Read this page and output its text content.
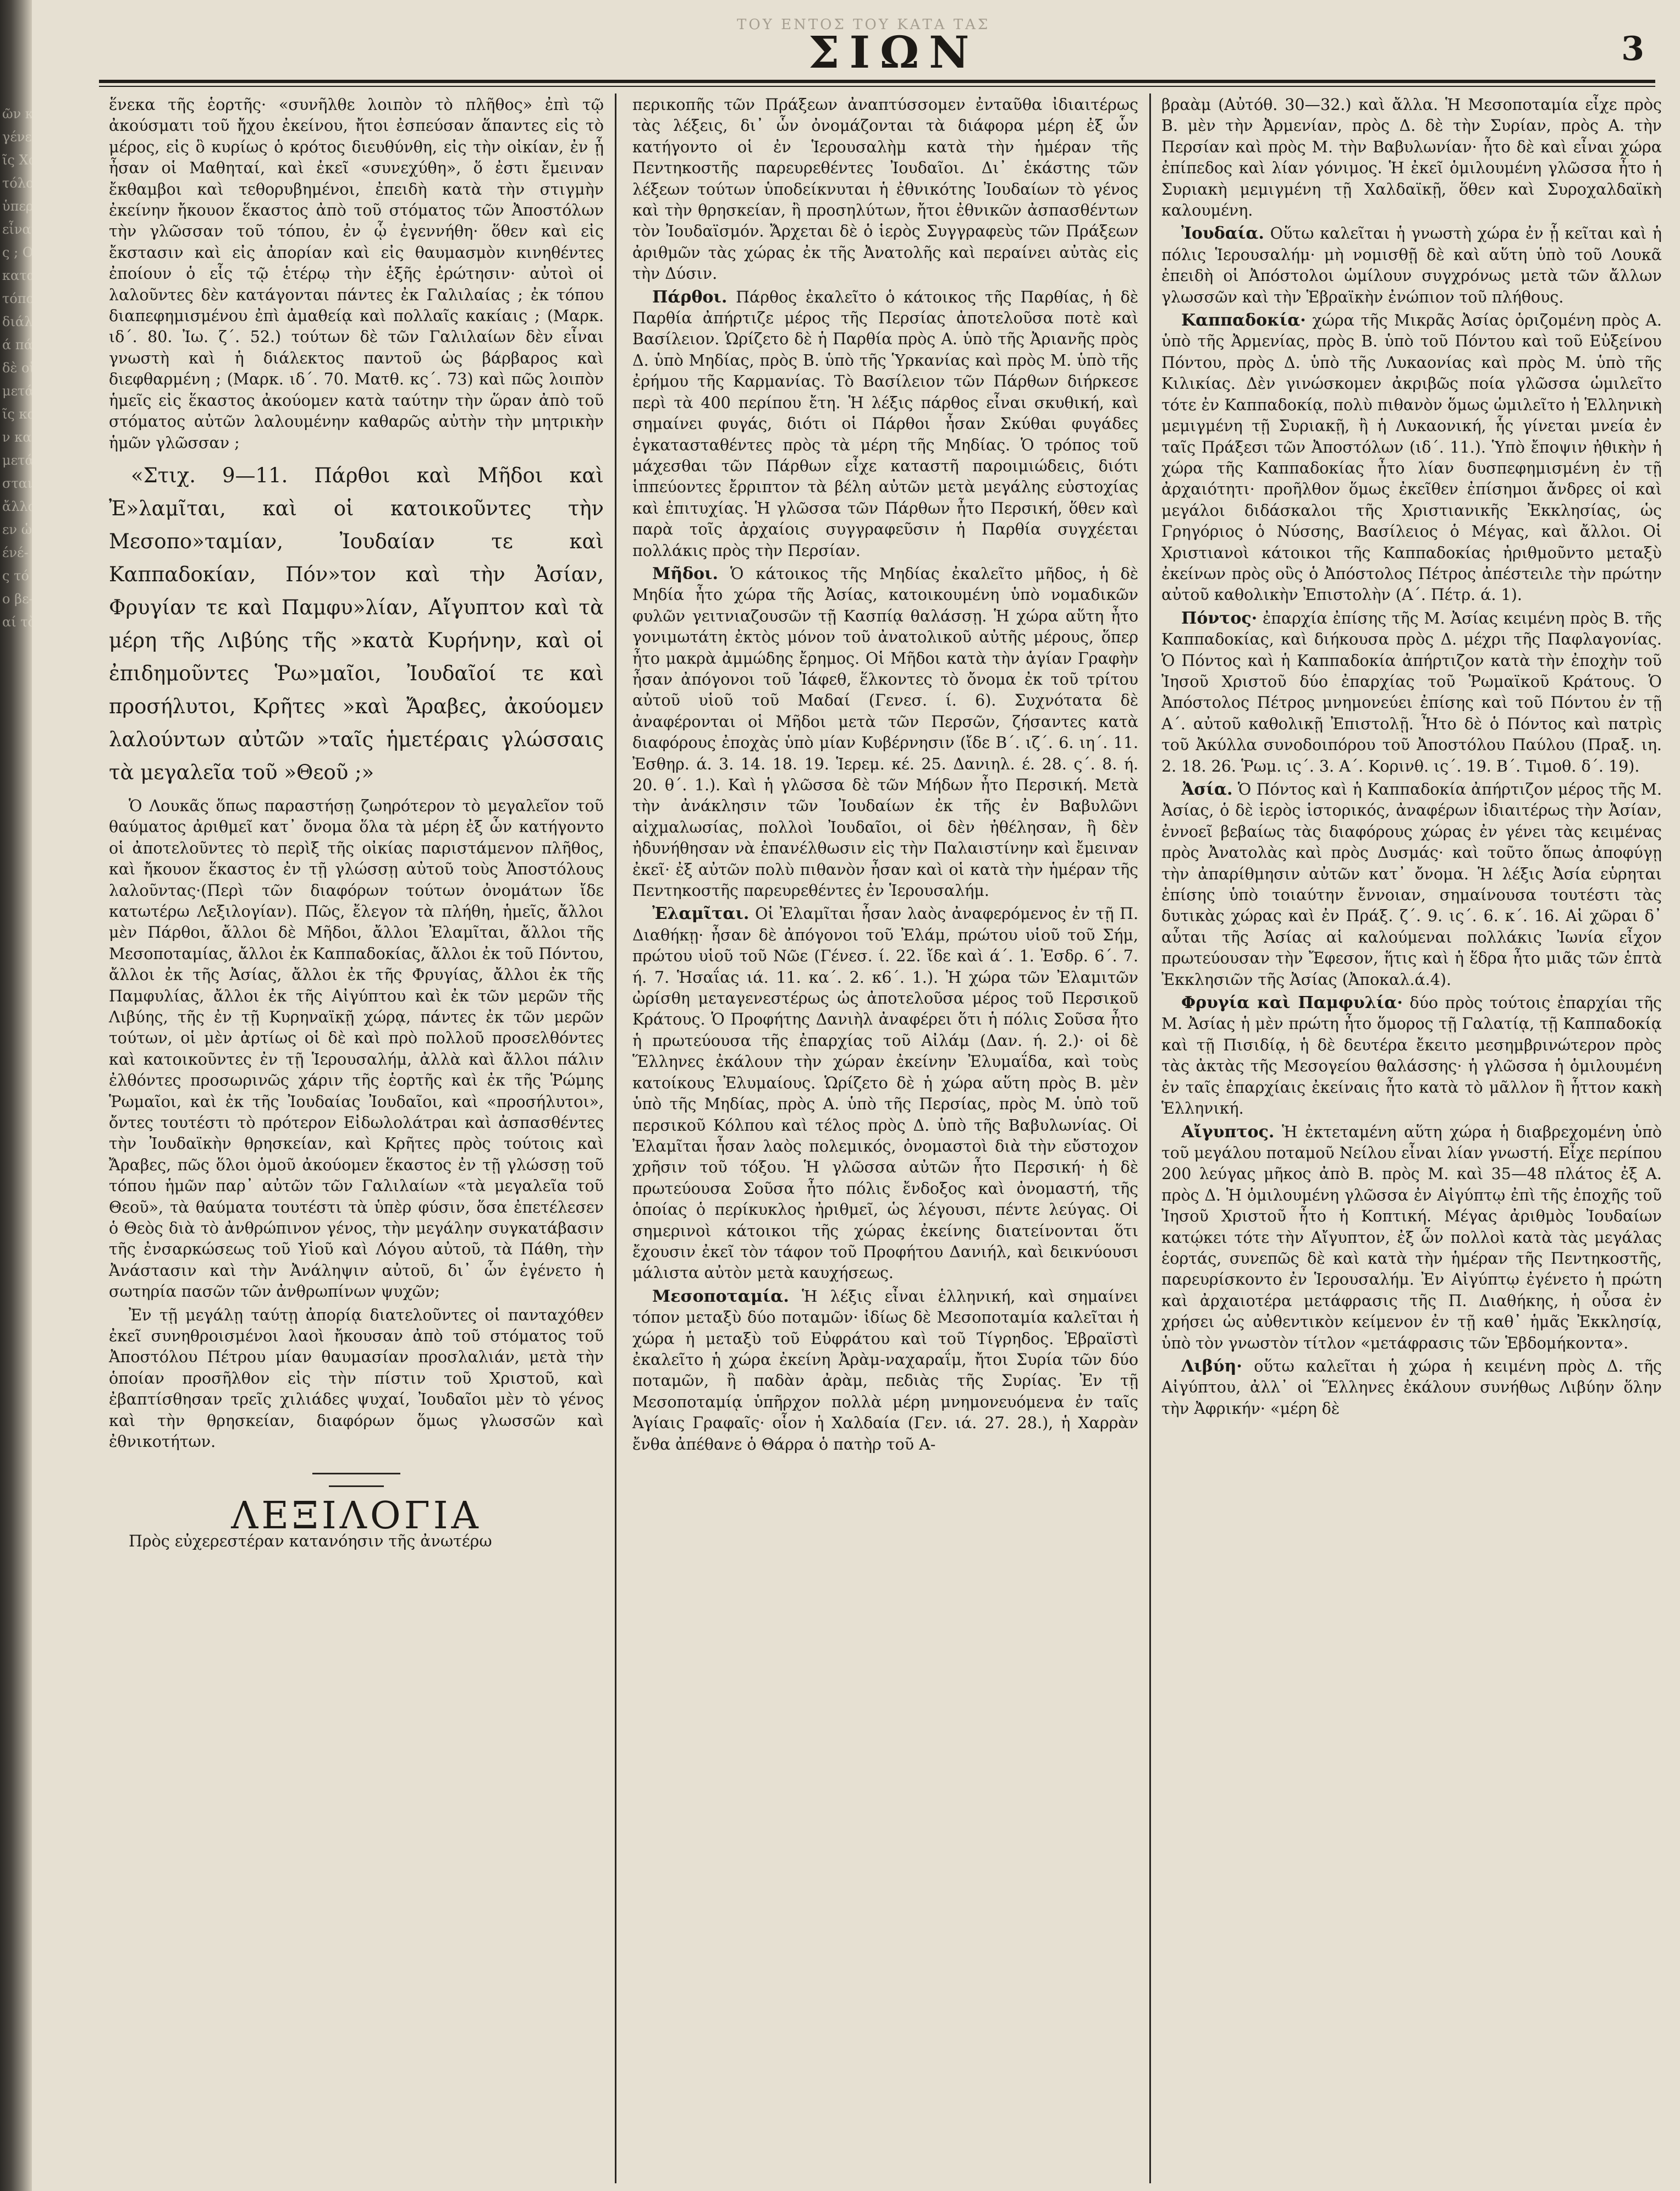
ῶν καὶ
γένετο
ῖς Χα-
τόλοι,
ὑπερ-
εἶναι
ς ; Οἱ
κατα-
τόπου
διάλε-
ά πά-
δὲ οἱ
μετά
ῖς κα-
ν καὶ
μετά
σταν-
ἄλλας
εν ὡ-
ένέ-
ς τό
ο βε-
αί τὸ
ΤΟΥ ΕΝΤΟΣ ΤΟΥ ΚΑΤΑ ΤΑΣ
ΣΙΩΝ	3

ἕνεκα τῆς ἑορτῆς· «συνῆλθε λοιπὸν τὸ πλῆθος» ἐπὶ τῷ ἀκούσματι τοῦ ἤχου ἐκείνου, ἤτοι ἐσπεύσαν ἅπαντες εἰς τὸ μέρος, εἰς ὃ κυρίως ὁ κρότος διευθύνθη, εἰς τὴν οἰκίαν, ἐν ᾗ ἦσαν οἱ Μαθηταί, καὶ ἐκεῖ «συνεχύθη», ὅ ἐστι ἔμειναν ἔκθαμβοι καὶ τεθορυβημένοι, ἐπειδὴ κατὰ τὴν στιγμὴν ἐκείνην ἤκουον ἕκαστος ἀπὸ τοῦ στόματος τῶν Ἀποστόλων τὴν γλῶσσαν τοῦ τόπου, ἐν ᾧ ἐγεννήθη· ὅθεν καὶ εἰς ἔκστασιν καὶ εἰς ἀπορίαν καὶ εἰς θαυμασμὸν κινηθέντες ἐποίουν ὁ εἷς τῷ ἑτέρῳ τὴν ἑξῆς ἐρώτησιν· αὐτοὶ οἱ λαλοῦντες δὲν κατάγονται πάντες ἐκ Γαλιλαίας ; ἐκ τόπου διαπεφημισμένου ἐπὶ ἀμαθείᾳ καὶ πολλαῖς κακίαις ; (Μαρκ. ιδ΄. 80. Ἰω. ζ΄. 52.) τούτων δὲ τῶν Γαλιλαίων δὲν εἶναι γνωστὴ καὶ ἡ διάλεκτος παντοῦ ὡς βάρβαρος καὶ διεφθαρμένη ; (Μαρκ. ιδ΄. 70. Ματθ. κς΄. 73) καὶ πῶς λοιπὸν ἡμεῖς εἰς ἕκαστος ἀκούομεν κατὰ ταύτην τὴν ὥραν ἀπὸ τοῦ στόματος αὐτῶν λαλουμένην καθαρῶς αὐτὴν τὴν μητρικὴν ἡμῶν γλῶσσαν ;

«Στιχ. 9—11. Πάρθοι καὶ Μῆδοι καὶ Ἐ»λαμῖται, καὶ οἱ κατοικοῦντες τὴν Μεσοπο»ταμίαν, Ἰουδαίαν τε καὶ Καππαδοκίαν, Πόν»τον καὶ τὴν Ἀσίαν, Φρυγίαν τε καὶ Παμφυ»λίαν, Αἴγυπτον καὶ τὰ μέρη τῆς Λιβύης τῆς »κατὰ Κυρήνην, καὶ οἱ ἐπιδημοῦντες Ῥω»μαῖοι, Ἰουδαῖοί τε καὶ προσήλυτοι, Κρῆτες »καὶ Ἄραβες, ἀκούομεν λαλούντων αὐτῶν »ταῖς ἡμετέραις γλώσσαις τὰ μεγαλεῖα τοῦ »Θεοῦ ;»

Ὁ Λουκᾶς ὅπως παραστήσῃ ζωηρότερον τὸ μεγαλεῖον τοῦ θαύματος ἀριθμεῖ κατ᾽ ὄνομα ὅλα τὰ μέρη ἐξ ὧν κατήγοντο οἱ ἀποτελοῦντες τὸ περὶξ τῆς οἰκίας παριστάμενον πλῆθος, καὶ ἤκουον ἕκαστος ἐν τῇ γλώσσῃ αὐτοῦ τοὺς Ἀποστόλους λαλοῦντας·(Περὶ τῶν διαφόρων τούτων ὀνομάτων ἴδε κατωτέρω Λεξιλογίαν). Πῶς, ἔλεγον τὰ πλήθη, ἡμεῖς, ἄλλοι μὲν Πάρθοι, ἄλλοι δὲ Μῆδοι, ἄλλοι Ἐλαμῖται, ἄλλοι τῆς Μεσοποταμίας, ἄλλοι ἐκ Καππαδοκίας, ἄλλοι ἐκ τοῦ Πόντου, ἄλλοι ἐκ τῆς Ἀσίας, ἄλλοι ἐκ τῆς Φρυγίας, ἄλλοι ἐκ τῆς Παμφυλίας, ἄλλοι ἐκ τῆς Αἰγύπτου καὶ ἐκ τῶν μερῶν τῆς Λιβύης, τῆς ἐν τῇ Κυρηναϊκῇ χώρᾳ, πάντες ἐκ τῶν μερῶν τούτων, οἱ μὲν ἀρτίως οἱ δὲ καὶ πρὸ πολλοῦ προσελθόντες καὶ κατοικοῦντες ἐν τῇ Ἱερουσαλήμ, ἀλλὰ καὶ ἄλλοι πάλιν ἐλθόντες προσωρινῶς χάριν τῆς ἑορτῆς καὶ ἐκ τῆς Ῥώμης Ῥωμαῖοι, καὶ ἐκ τῆς Ἰουδαίας Ἰουδαῖοι, καὶ «προσήλυτοι», ὄντες τουτέστι τὸ πρότερον Εἰδωλολάτραι καὶ ἀσπασθέντες τὴν Ἰουδαϊκὴν θρησκείαν, καὶ Κρῆτες πρὸς τούτοις καὶ Ἄραβες, πῶς ὅλοι ὁμοῦ ἀκούομεν ἕκαστος ἐν τῇ γλώσσῃ τοῦ τόπου ἡμῶν παρ᾽ αὐτῶν τῶν Γαλιλαίων «τὰ μεγαλεῖα τοῦ Θεοῦ», τὰ θαύματα τουτέστι τὰ ὑπὲρ φύσιν, ὅσα ἐπετέλεσεν ὁ Θεὸς διὰ τὸ ἀνθρώπινον γένος, τὴν μεγάλην συγκατάβασιν τῆς ἐνσαρκώσεως τοῦ Υἱοῦ καὶ Λόγου αὐτοῦ, τὰ Πάθη, τὴν Ἀνάστασιν καὶ τὴν Ἀνάληψιν αὐτοῦ, δι᾽ ὧν ἐγένετο ἡ σωτηρία πασῶν τῶν ἀνθρωπίνων ψυχῶν;

Ἐν τῇ μεγάλῃ ταύτῃ ἀπορίᾳ διατελοῦντες οἱ πανταχόθεν ἐκεῖ συνηθροισμένοι λαοὶ ἤκουσαν ἀπὸ τοῦ στόματος τοῦ Ἀποστόλου Πέτρου μίαν θαυμασίαν προσλαλιάν, μετὰ τὴν ὁποίαν προσῆλθον εἰς τὴν πίστιν τοῦ Χριστοῦ, καὶ ἐβαπτίσθησαν τρεῖς χιλιάδες ψυχαί, Ἰουδαῖοι μὲν τὸ γένος καὶ τὴν θρησκείαν, διαφόρων ὅμως γλωσσῶν καὶ ἐθνικοτήτων.

ΛΕΞΙΛΟΓΙΑ

Πρὸς εὐχερεστέραν κατανόησιν τῆς ἀνωτέρω

περικοπῆς τῶν Πράξεων ἀναπτύσσομεν ἐνταῦθα ἰδιαιτέρως τὰς λέξεις, δι᾽ ὧν ὀνομάζονται τὰ διάφορα μέρη ἐξ ὧν κατήγοντο οἱ ἐν Ἱερουσαλὴμ κατὰ τὴν ἡμέραν τῆς Πεντηκοστῆς παρευρεθέντες Ἰουδαῖοι. Δι᾽ ἑκάστης τῶν λέξεων τούτων ὑποδείκνυται ἡ ἐθνικότης Ἰουδαίων τὸ γένος καὶ τὴν θρησκείαν, ἢ προσηλύτων, ἤτοι ἐθνικῶν ἀσπασθέντων τὸν Ἰουδαϊσμόν. Ἄρχεται δὲ ὁ ἱερὸς Συγγραφεὺς τῶν Πράξεων ἀριθμῶν τὰς χώρας ἐκ τῆς Ἀνατολῆς καὶ περαίνει αὐτὰς εἰς τὴν Δύσιν.

Πάρθοι. Πάρθος ἐκαλεῖτο ὁ κάτοικος τῆς Παρθίας, ἡ δὲ Παρθία ἀπήρτιζε μέρος τῆς Περσίας ἀποτελοῦσα ποτὲ καὶ Βασίλειον. Ὡρίζετο δὲ ἡ Παρθία πρὸς Α. ὑπὸ τῆς Ἀριανῆς πρὸς Δ. ὑπὸ Μηδίας, πρὸς Β. ὑπὸ τῆς Ὑρκανίας καὶ πρὸς Μ. ὑπὸ τῆς ἐρήμου τῆς Καρμανίας. Τὸ Βασίλειον τῶν Πάρθων διήρκεσε περὶ τὰ 400 περίπου ἔτη. Ἡ λέξις πάρθος εἶναι σκυθική, καὶ σημαίνει φυγάς, διότι οἱ Πάρθοι ἦσαν Σκύθαι φυγάδες ἐγκατασταθέντες πρὸς τὰ μέρη τῆς Μηδίας. Ὁ τρόπος τοῦ μάχεσθαι τῶν Πάρθων εἶχε καταστῆ παροιμιώδεις, διότι ἱππεύοντες ἔρριπτον τὰ βέλη αὐτῶν μετὰ μεγάλης εὐστοχίας καὶ ἐπιτυχίας. Ἡ γλῶσσα τῶν Πάρθων ἦτο Περσική, ὅθεν καὶ παρὰ τοῖς ἀρχαίοις συγγραφεῦσιν ἡ Παρθία συγχέεται πολλάκις πρὸς τὴν Περσίαν.

Μῆδοι. Ὁ κάτοικος τῆς Μηδίας ἐκαλεῖτο μῆδος, ἡ δὲ Μηδία ἦτο χώρα τῆς Ἀσίας, κατοικουμένη ὑπὸ νομαδικῶν φυλῶν γειτνιαζουσῶν τῇ Κασπίᾳ θαλάσσῃ. Ἡ χώρα αὕτη ἦτο γονιμωτάτη ἐκτὸς μόνον τοῦ ἀνατολικοῦ αὐτῆς μέρους, ὅπερ ἦτο μακρὰ ἀμμώδης ἔρημος. Οἱ Μῆδοι κατὰ τὴν ἁγίαν Γραφὴν ἦσαν ἀπόγονοι τοῦ Ἰάφεθ, ἕλκοντες τὸ ὄνομα ἐκ τοῦ τρίτου αὐτοῦ υἱοῦ τοῦ Μαδαί (Γενεσ. ί. 6). Συχνότατα δὲ ἀναφέρονται οἱ Μῆδοι μετὰ τῶν Περσῶν, ζήσαντες κατὰ διαφόρους ἐποχὰς ὑπὸ μίαν Κυβέρνησιν (ἴδε Β΄. ιζ΄. 6. ιη΄. 11. Ἐσθηρ. ά. 3. 14. 18. 19. Ἱερεμ. κέ. 25. Δανιηλ. έ. 28. ς΄. 8. ή. 20. θ΄. 1.). Καὶ ἡ γλῶσσα δὲ τῶν Μήδων ἦτο Περσική. Μετὰ τὴν ἀνάκλησιν τῶν Ἰουδαίων ἐκ τῆς ἐν Βαβυλῶνι αἰχμαλωσίας, πολλοὶ Ἰουδαῖοι, οἱ δὲν ἠθέλησαν, ἢ δὲν ἠδυνήθησαν νὰ ἐπανέλθωσιν εἰς τὴν Παλαιστίνην καὶ ἔμειναν ἐκεῖ· ἐξ αὐτῶν πολὺ πιθανὸν ἦσαν καὶ οἱ κατὰ τὴν ἡμέραν τῆς Πεντηκοστῆς παρευρεθέντες ἐν Ἱερουσαλήμ.

Ἐλαμῖται. Οἱ Ἐλαμῖται ἦσαν λαὸς ἀναφερόμενος ἐν τῇ Π. Διαθήκῃ· ἦσαν δὲ ἀπόγονοι τοῦ Ἐλάμ, πρώτου υἱοῦ τοῦ Σήμ, πρώτου υἱοῦ τοῦ Νῶε (Γένεσ. ί. 22. ἴδε καὶ ά΄. 1. Ἐσδρ. 6΄. 7. ή. 7. Ἡσαΐας ιά. 11. κα΄. 2. κ6΄. 1.). Ἡ χώρα τῶν Ἐλαμιτῶν ὠρίσθη μεταγενεστέρως ὡς ἀποτελοῦσα μέρος τοῦ Περσικοῦ Κράτους. Ὁ Προφήτης Δανιὴλ ἀναφέρει ὅτι ἡ πόλις Σοῦσα ἦτο ἡ πρωτεύουσα τῆς ἐπαρχίας τοῦ Αἰλάμ (Δαν. ή. 2.)· οἱ δὲ Ἕλληνες ἐκάλουν τὴν χώραν ἐκείνην Ἐλυμαΐδα, καὶ τοὺς κατοίκους Ἐλυμαίους. Ὡρίζετο δὲ ἡ χώρα αὕτη πρὸς Β. μὲν ὑπὸ τῆς Μηδίας, πρὸς Α. ὑπὸ τῆς Περσίας, πρὸς Μ. ὑπὸ τοῦ περσικοῦ Κόλπου καὶ τέλος πρὸς Δ. ὑπὸ τῆς Βαβυλωνίας. Οἱ Ἐλαμῖται ἦσαν λαὸς πολεμικός, ὀνομαστοὶ διὰ τὴν εὔστοχον χρῆσιν τοῦ τόξου. Ἡ γλῶσσα αὐτῶν ἦτο Περσική· ἡ δὲ πρωτεύουσα Σοῦσα ἦτο πόλις ἔνδοξος καὶ ὀνομαστή, τῆς ὁποίας ὁ περίκυκλος ἠριθμεῖ, ὡς λέγουσι, πέντε λεύγας. Οἱ σημερινοὶ κάτοικοι τῆς χώρας ἐκείνης διατείνονται ὅτι ἔχουσιν ἐκεῖ τὸν τάφον τοῦ Προφήτου Δανιήλ, καὶ δεικνύουσι μάλιστα αὐτὸν μετὰ καυχήσεως.

Μεσοποταμία. Ἡ λέξις εἶναι ἑλληνική, καὶ σημαίνει τόπον μεταξὺ δύο ποταμῶν· ἰδίως δὲ Μεσοποταμία καλεῖται ἡ χώρα ἡ μεταξὺ τοῦ Εὐφράτου καὶ τοῦ Τίγρηδος. Ἑβραϊστὶ ἐκαλεῖτο ἡ χώρα ἐκείνη Ἀρὰμ-ναχαραΐμ, ἤτοι Συρία τῶν δύο ποταμῶν, ἢ παδὰν ἀρὰμ, πεδιὰς τῆς Συρίας. Ἐν τῇ Μεσοποταμίᾳ ὑπῆρχον πολλὰ μέρη μνημονευόμενα ἐν ταῖς Ἁγίαις Γραφαῖς· οἷον ἡ Χαλδαία (Γεν. ιά. 27. 28.), ἡ Χαρρὰν ἔνθα ἀπέθανε ὁ Θάρρα ὁ πατὴρ τοῦ Α-

βραὰμ (Αὐτόθ. 30—32.) καὶ ἄλλα. Ἡ Μεσοποταμία εἶχε πρὸς Β. μὲν τὴν Ἀρμενίαν, πρὸς Δ. δὲ τὴν Συρίαν, πρὸς Α. τὴν Περσίαν καὶ πρὸς Μ. τὴν Βαβυλωνίαν· ἦτο δὲ καὶ εἶναι χώρα ἐπίπεδος καὶ λίαν γόνιμος. Ἡ ἐκεῖ ὁμιλουμένη γλῶσσα ἦτο ἡ Συριακὴ μεμιγμένη τῇ Χαλδαϊκῇ, ὅθεν καὶ Συροχαλδαϊκὴ καλουμένη.

Ἰουδαία. Οὕτω καλεῖται ἡ γνωστὴ χώρα ἐν ᾗ κεῖται καὶ ἡ πόλις Ἱερουσαλήμ· μὴ νομισθῇ δὲ καὶ αὕτη ὑπὸ τοῦ Λουκᾶ ἐπειδὴ οἱ Ἀπόστολοι ὡμίλουν συγχρόνως μετὰ τῶν ἄλλων γλωσσῶν καὶ τὴν Ἑβραϊκὴν ἐνώπιον τοῦ πλήθους.

Καππαδοκία· χώρα τῆς Μικρᾶς Ἀσίας ὁριζομένη πρὸς Α. ὑπὸ τῆς Ἀρμενίας, πρὸς Β. ὑπὸ τοῦ Πόντου καὶ τοῦ Εὐξείνου Πόντου, πρὸς Δ. ὑπὸ τῆς Λυκαονίας καὶ πρὸς Μ. ὑπὸ τῆς Κιλικίας. Δὲν γινώσκομεν ἀκριβῶς ποία γλῶσσα ὡμιλεῖτο τότε ἐν Καππαδοκίᾳ, πολὺ πιθανὸν ὅμως ὡμιλεῖτο ἡ Ἑλληνικὴ μεμιγμένη τῇ Συριακῇ, ἢ ἡ Λυκαονική, ἧς γίνεται μνεία ἐν ταῖς Πράξεσι τῶν Ἀποστόλων (ιδ΄. 11.). Ὑπὸ ἔποψιν ἠθικὴν ἡ χώρα τῆς Καππαδοκίας ἦτο λίαν δυσπεφημισμένη ἐν τῇ ἀρχαιότητι· προῆλθον ὅμως ἐκεῖθεν ἐπίσημοι ἄνδρες οἱ καὶ μεγάλοι διδάσκαλοι τῆς Χριστιανικῆς Ἐκκλησίας, ὡς Γρηγόριος ὁ Νύσσης, Βασίλειος ὁ Μέγας, καὶ ἄλλοι. Οἱ Χριστιανοὶ κάτοικοι τῆς Καππαδοκίας ἠριθμοῦντο μεταξὺ ἐκείνων πρὸς οὓς ὁ Ἀπόστολος Πέτρος ἀπέστειλε τὴν πρώτην αὐτοῦ καθολικὴν Ἐπιστολὴν (Α΄. Πέτρ. ά. 1).

Πόντος· ἐπαρχία ἐπίσης τῆς Μ. Ἀσίας κειμένη πρὸς Β. τῆς Καππαδοκίας, καὶ διήκουσα πρὸς Δ. μέχρι τῆς Παφλαγονίας. Ὁ Πόντος καὶ ἡ Καππαδοκία ἀπήρτιζον κατὰ τὴν ἐποχὴν τοῦ Ἰησοῦ Χριστοῦ δύο ἐπαρχίας τοῦ Ῥωμαϊκοῦ Κράτους. Ὁ Ἀπόστολος Πέτρος μνημονεύει ἐπίσης καὶ τοῦ Πόντου ἐν τῇ Α΄. αὐτοῦ καθολικῇ Ἐπιστολῇ. Ἦτο δὲ ὁ Πόντος καὶ πατρὶς τοῦ Ἀκύλλα συνοδοιπόρου τοῦ Ἀποστόλου Παύλου (Πραξ. ιη. 2. 18. 26. Ῥωμ. ις΄. 3. Α΄. Κορινθ. ις΄. 19. Β΄. Τιμοθ. δ΄. 19).

Ἀσία. Ὁ Πόντος καὶ ἡ Καππαδοκία ἀπήρτιζον μέρος τῆς Μ. Ἀσίας, ὁ δὲ ἱερὸς ἱστορικός, ἀναφέρων ἰδιαιτέρως τὴν Ἀσίαν, ἐννοεῖ βεβαίως τὰς διαφόρους χώρας ἐν γένει τὰς κειμένας πρὸς Ἀνατολὰς καὶ πρὸς Δυσμάς· καὶ τοῦτο ὅπως ἀποφύγῃ τὴν ἀπαρίθμησιν αὐτῶν κατ᾽ ὄνομα. Ἡ λέξις Ἀσία εὑρηται ἐπίσης ὑπὸ τοιαύτην ἔννοιαν, σημαίνουσα τουτέστι τὰς δυτικὰς χώρας καὶ ἐν Πράξ. ζ΄. 9. ις΄. 6. κ΄. 16. Αἱ χῶραι δ᾽ αὗται τῆς Ἀσίας αἱ καλούμεναι πολλάκις Ἰωνία εἶχον πρωτεύουσαν τὴν Ἔφεσον, ἥτις καὶ ἡ ἕδρα ἦτο μιᾶς τῶν ἑπτὰ Ἐκκλησιῶν τῆς Ἀσίας (Ἀποκαλ.ά.4).

Φρυγία καὶ Παμφυλία· δύο πρὸς τούτοις ἐπαρχίαι τῆς Μ. Ἀσίας ἡ μὲν πρώτη ἦτο ὅμορος τῇ Γαλατίᾳ, τῇ Καππαδοκίᾳ καὶ τῇ Πισιδίᾳ, ἡ δὲ δευτέρα ἔκειτο μεσημβρινώτερον πρὸς τὰς ἀκτὰς τῆς Μεσογείου θαλάσσης· ἡ γλῶσσα ἡ ὁμιλουμένη ἐν ταῖς ἐπαρχίαις ἐκείναις ἦτο κατὰ τὸ μᾶλλον ἢ ἧττον κακὴ Ἑλληνική.

Αἴγυπτος. Ἡ ἐκτεταμένη αὕτη χώρα ἡ διαβρεχομένη ὑπὸ τοῦ μεγάλου ποταμοῦ Νείλου εἶναι λίαν γνωστή. Εἶχε περίπου 200 λεύγας μῆκος ἀπὸ Β. πρὸς Μ. καὶ 35—48 πλάτος ἐξ Α. πρὸς Δ. Ἡ ὁμιλουμένη γλῶσσα ἐν Αἰγύπτῳ ἐπὶ τῆς ἐποχῆς τοῦ Ἰησοῦ Χριστοῦ ἦτο ἡ Κοπτική. Μέγας ἀριθμὸς Ἰουδαίων κατῴκει τότε τὴν Αἴγυπτον, ἐξ ὧν πολλοὶ κατὰ τὰς μεγάλας ἑορτάς, συνεπῶς δὲ καὶ κατὰ τὴν ἡμέραν τῆς Πεντηκοστῆς, παρευρίσκοντο ἐν Ἱερουσαλήμ. Ἐν Αἰγύπτῳ ἐγένετο ἡ πρώτη καὶ ἀρχαιοτέρα μετάφρασις τῆς Π. Διαθήκης, ἡ οὖσα ἐν χρήσει ὡς αὐθεντικὸν κείμενον ἐν τῇ καθ᾽ ἡμᾶς Ἐκκλησίᾳ, ὑπὸ τὸν γνωστὸν τίτλον «μετάφρασις τῶν Ἑβδομήκοντα».

Λιβύη· οὕτω καλεῖται ἡ χώρα ἡ κειμένη πρὸς Δ. τῆς Αἰγύπτου, ἀλλ᾽ οἱ Ἕλληνες ἐκάλουν συνήθως Λιβύην ὅλην τὴν Ἀφρικήν· «μέρη δὲ
